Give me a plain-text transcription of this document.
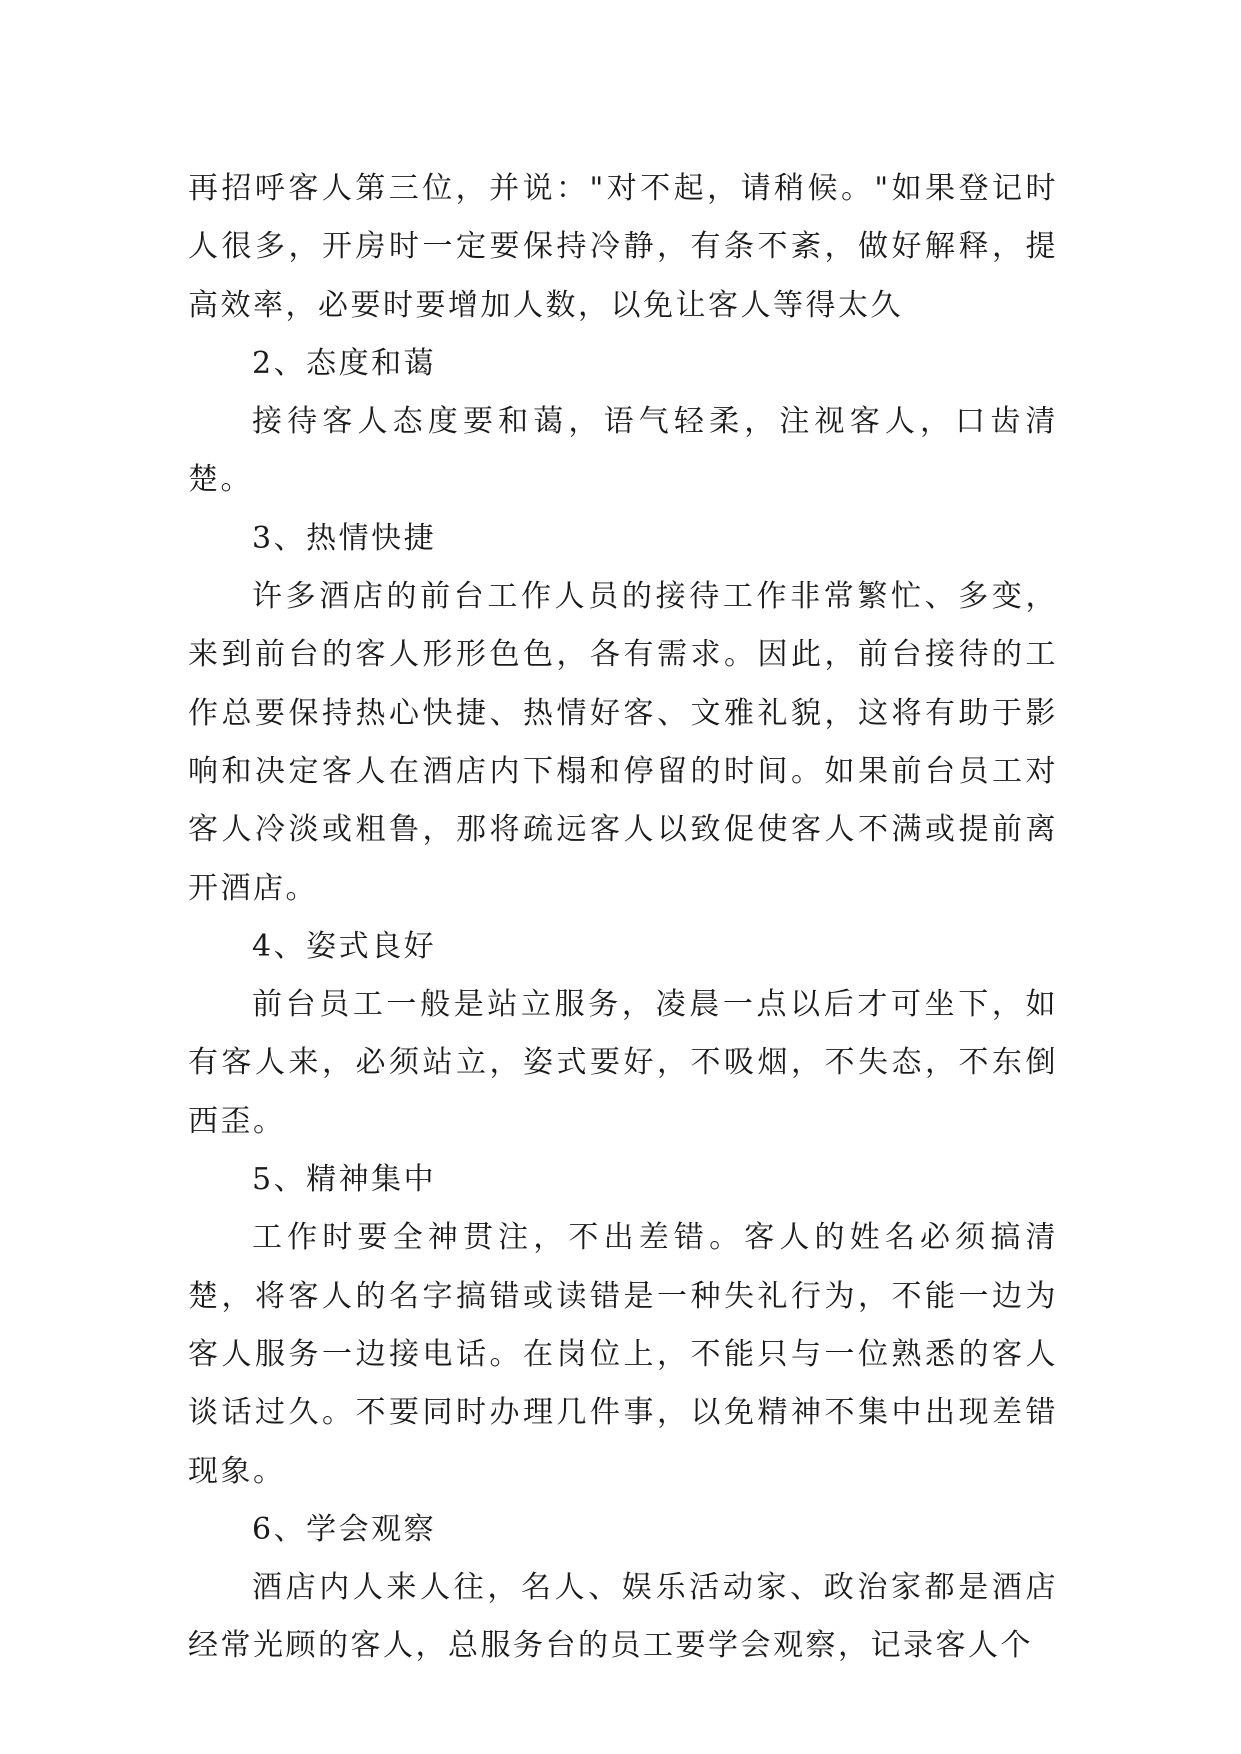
再招呼客人第三位，并说："对不起，请稍候。"如果登记时人很多，开房时一定要保持冷静，有条不紊，做好解释，提高效率，必要时要增加人数，以免让客人等得太久

2、态度和蔼

接待客人态度要和蔼，语气轻柔，注视客人，口齿清楚。

3、热情快捷

许多酒店的前台工作人员的接待工作非常繁忙、多变，来到前台的客人形形色色，各有需求。因此，前台接待的工作总要保持热心快捷、热情好客、文雅礼貌，这将有助于影响和决定客人在酒店内下榻和停留的时间。如果前台员工对客人冷淡或粗鲁，那将疏远客人以致促使客人不满或提前离开酒店。

4、姿式良好

前台员工一般是站立服务，凌晨一点以后才可坐下，如有客人来，必须站立，姿式要好，不吸烟，不失态，不东倒西歪。

5、精神集中

工作时要全神贯注，不出差错。客人的姓名必须搞清楚，将客人的名字搞错或读错是一种失礼行为，不能一边为客人服务一边接电话。在岗位上，不能只与一位熟悉的客人谈话过久。不要同时办理几件事，以免精神不集中出现差错现象。

6、学会观察

酒店内人来人往，名人、娱乐活动家、政治家都是酒店经常光顾的客人，总服务台的员工要学会观察，记录客人个
